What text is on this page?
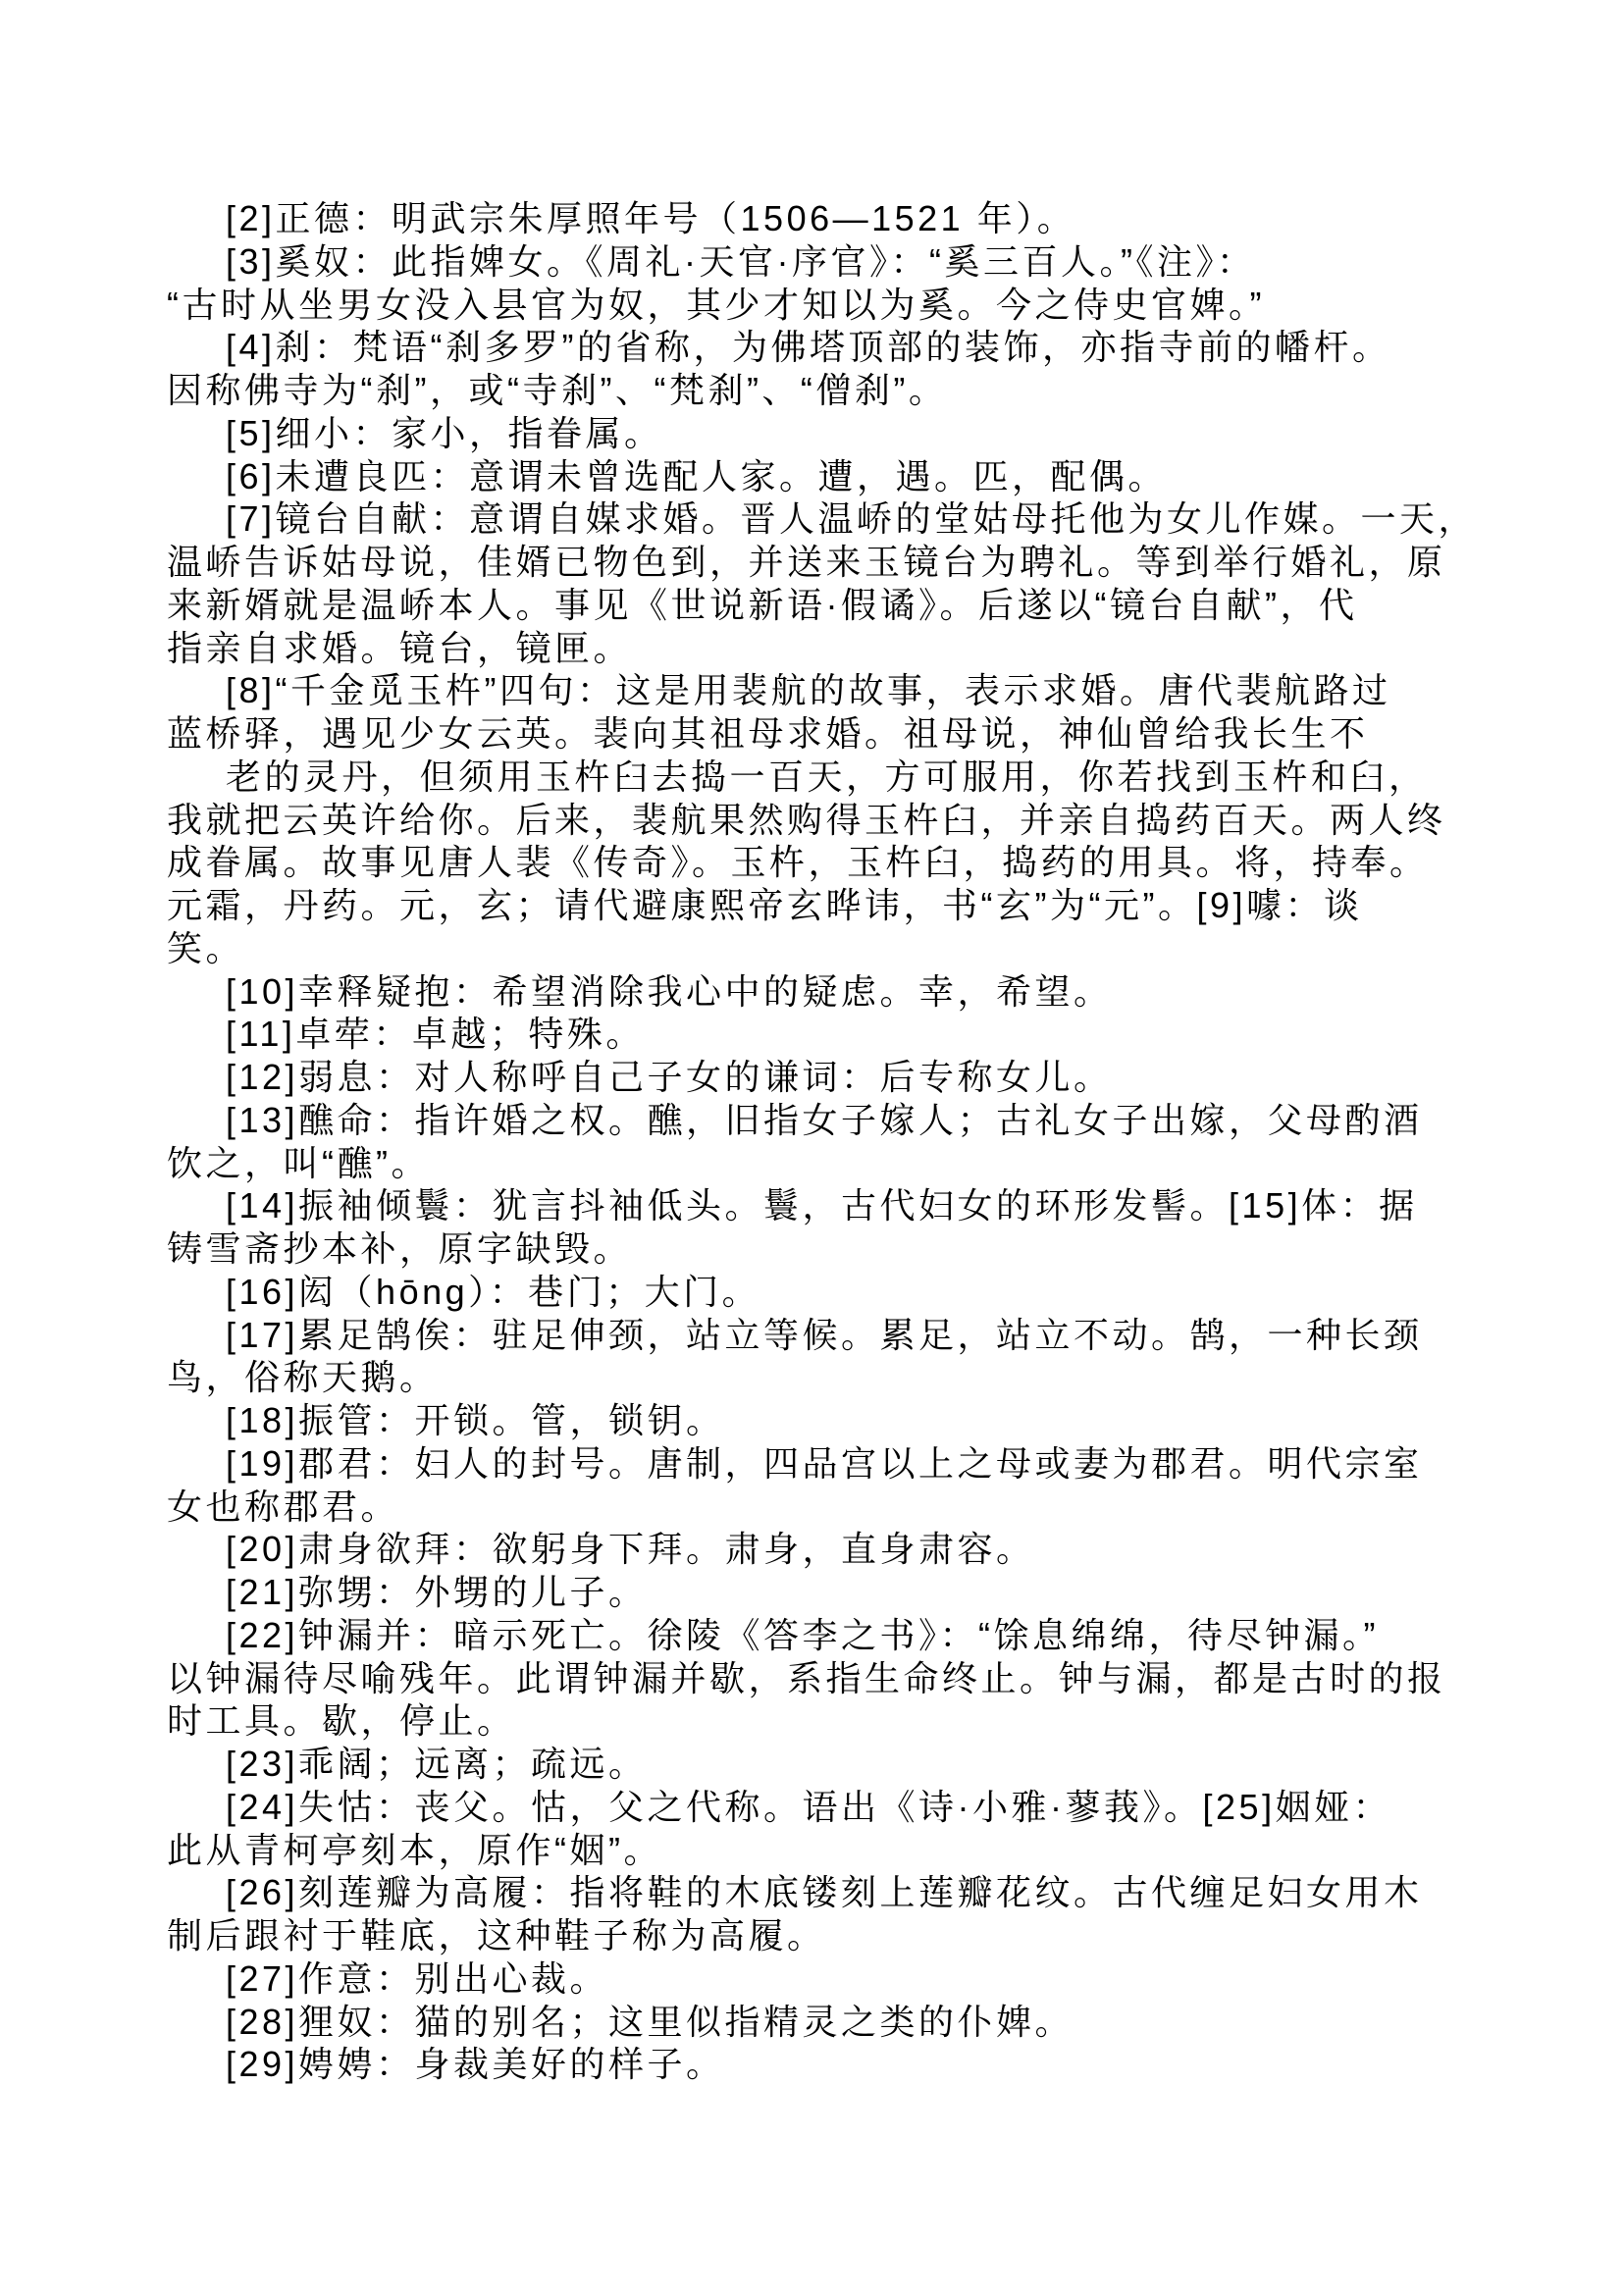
[2]正德：明武宗朱厚照年号（1506—1521 年）。
[3]奚奴：此指婢女。《周礼·天官·序官》：“奚三百人。”《注》：
“古时从坐男女没入县官为奴，其少才知以为奚。今之侍史官婢。”
[4]刹：梵语“刹多罗”的省称，为佛塔顶部的装饰，亦指寺前的幡杆。
因称佛寺为“刹”，或“寺刹”、“梵刹”、“僧刹”。
[5]细小：家小，指眷属。
[6]未遭良匹：意谓未曾选配人家。遭，遇。匹，配偶。
[7]镜台自献：意谓自媒求婚。晋人温峤的堂姑母托他为女儿作媒。一天，
温峤告诉姑母说，佳婿已物色到，并送来玉镜台为聘礼。等到举行婚礼，原
来新婿就是温峤本人。事见《世说新语·假谲》。后遂以“镜台自献”，代
指亲自求婚。镜台，镜匣。
[8]“千金觅玉杵”四句：这是用裴航的故事，表示求婚。唐代裴航路过
蓝桥驿，遇见少女云英。裴向其祖母求婚。祖母说，神仙曾给我长生不
老的灵丹，但须用玉杵臼去捣一百天，方可服用，你若找到玉杵和臼，
我就把云英许给你。后来，裴航果然购得玉杵臼，并亲自捣药百天。两人终
成眷属。故事见唐人裴《传奇》。玉杵，玉杵臼，捣药的用具。将，持奉。
元霜，丹药。元，玄；请代避康熙帝玄晔讳，书“玄”为“元”。[9]噱：谈
笑。
[10]幸释疑抱：希望消除我心中的疑虑。幸，希望。
[11]卓荦：卓越；特殊。
[12]弱息：对人称呼自己子女的谦词：后专称女儿。
[13]醮命：指许婚之权。醮，旧指女子嫁人；古礼女子出嫁，父母酌酒
饮之，叫“醮”。
[14]振袖倾鬟：犹言抖袖低头。鬟，古代妇女的环形发髻。[15]体：据
铸雪斋抄本补，原字缺毁。
[16]闳（hōng）：巷门；大门。
[17]累足鹄俟：驻足伸颈，站立等候。累足，站立不动。鹄，一种长颈
鸟，俗称天鹅。
[18]振管：开锁。管，锁钥。
[19]郡君：妇人的封号。唐制，四品宫以上之母或妻为郡君。明代宗室
女也称郡君。
[20]肃身欲拜：欲躬身下拜。肃身，直身肃容。
[21]弥甥：外甥的儿子。
[22]钟漏并：暗示死亡。徐陵《答李之书》：“馀息绵绵，待尽钟漏。”
以钟漏待尽喻残年。此谓钟漏并歇，系指生命终止。钟与漏，都是古时的报
时工具。歇，停止。
[23]乖阔；远离；疏远。
[24]失怙：丧父。怙，父之代称。语出《诗·小雅·蓼莪》。[25]姻娅：
此从青柯亭刻本，原作“姻”。
[26]刻莲瓣为高履：指将鞋的木底镂刻上莲瓣花纹。古代缠足妇女用木
制后跟衬于鞋底，这种鞋子称为高履。
[27]作意：别出心裁。
[28]狸奴：猫的别名；这里似指精灵之类的仆婢。
[29]娉娉：身裁美好的样子。
